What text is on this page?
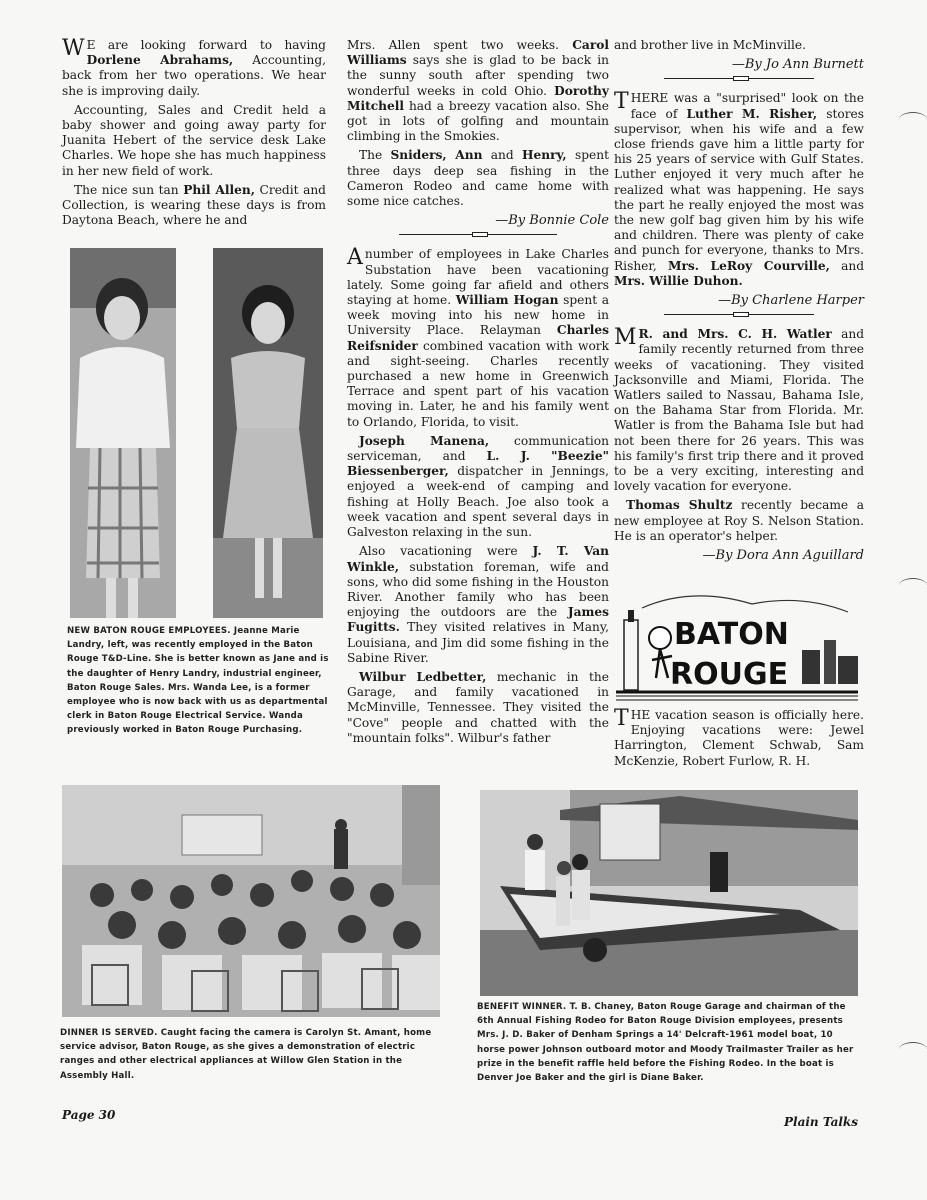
W E are looking forward to having Dorlene Abrahams, Accounting, back from her two operations. We hear she is improving daily.

Accounting, Sales and Credit held a baby shower and going away party for Juanita Hebert of the service desk Lake Charles. We hope she has much happiness in her new field of work.

The nice sun tan Phil Allen, Credit and Collection, is wearing these days is from Daytona Beach, where he and

NEW BATON ROUGE EMPLOYEES. Jeanne Marie Landry, left, was recently employed in the Baton Rouge T&D-Line. She is better known as Jane and is the daughter of Henry Landry, industrial engineer, Baton Rouge Sales. Mrs. Wanda Lee, is a former employee who is now back with us as departmental clerk in Baton Rouge Electrical Service. Wanda previously worked in Baton Rouge Purchasing.

Mrs. Allen spent two weeks. Carol Williams says she is glad to be back in the sunny south after spending two wonderful weeks in cold Ohio. Dorothy Mitchell had a breezy vacation also. She got in lots of golfing and mountain climbing in the Smokies.

The Sniders, Ann and Henry, spent three days deep sea fishing in the Cameron Rodeo and came home with some nice catches.

—By Bonnie Cole

A number of employees in Lake Charles Substation have been vacationing lately. Some going far afield and others staying at home. William Hogan spent a week moving into his new home in University Place. Relayman Charles Reifsnider combined vacation with work and sight-seeing. Charles recently purchased a new home in Greenwich Terrace and spent part of his vacation moving in. Later, he and his family went to Orlando, Florida, to visit.

Joseph Manena, communication serviceman, and L. J. "Beezie" Biessenberger, dispatcher in Jennings, enjoyed a week-end of camping and fishing at Holly Beach. Joe also took a week vacation and spent several days in Galveston relaxing in the sun.

Also vacationing were J. T. Van Winkle, substation foreman, wife and sons, who did some fishing in the Houston River. Another family who has been enjoying the outdoors are the James Fugitts. They visited relatives in Many, Louisiana, and Jim did some fishing in the Sabine River.

Wilbur Ledbetter, mechanic in the Garage, and family vacationed in McMinville, Tennessee. They visited the "Cove" people and chatted with the "mountain folks". Wilbur's father

and brother live in McMinville.

—By Jo Ann Burnett

THERE was a "surprised" look on the face of Luther M. Risher, stores supervisor, when his wife and a few close friends gave him a little party for his 25 years of service with Gulf States. Luther enjoyed it very much after he realized what was happening. He says the part he really enjoyed the most was the new golf bag given him by his wife and children. There was plenty of cake and punch for everyone, thanks to Mrs. Risher, Mrs. LeRoy Courville, and Mrs. Willie Duhon.

—By Charlene Harper

M R. and Mrs. C. H. Watler and family recently returned from three weeks of vacationing. They visited Jacksonville and Miami, Florida. The Watlers sailed to Nassau, Bahama Isle, on the Bahama Star from Florida. Mr. Watler is from the Bahama Isle but had not been there for 26 years. This was his family's first trip there and it proved to be a very exciting, interesting and lovely vacation for everyone.

Thomas Shultz recently became a new employee at Roy S. Nelson Station. He is an operator's helper.

—By Dora Ann Aguillard
BATON
ROUGE

THE vacation season is officially here. Enjoying vacations were: Jewel Harrington, Clement Schwab, Sam McKenzie, Robert Furlow, R. H.

DINNER IS SERVED. Caught facing the camera is Carolyn St. Amant, home service advisor, Baton Rouge, as she gives a demonstration of electric ranges and other electrical appliances at Willow Glen Station in the Assembly Hall.
BENEFIT WINNER. T. B. Chaney, Baton Rouge Garage and chairman of the 6th Annual Fishing Rodeo for Baton Rouge Division employees, presents Mrs. J. D. Baker of Denham Springs a 14' Delcraft-1961 model boat, 10 horse power Johnson outboard motor and Moody Trailmaster Trailer as her prize in the benefit raffle held before the Fishing Rodeo. In the boat is Denver Joe Baker and the girl is Diane Baker.
Page 30	Plain Talks
